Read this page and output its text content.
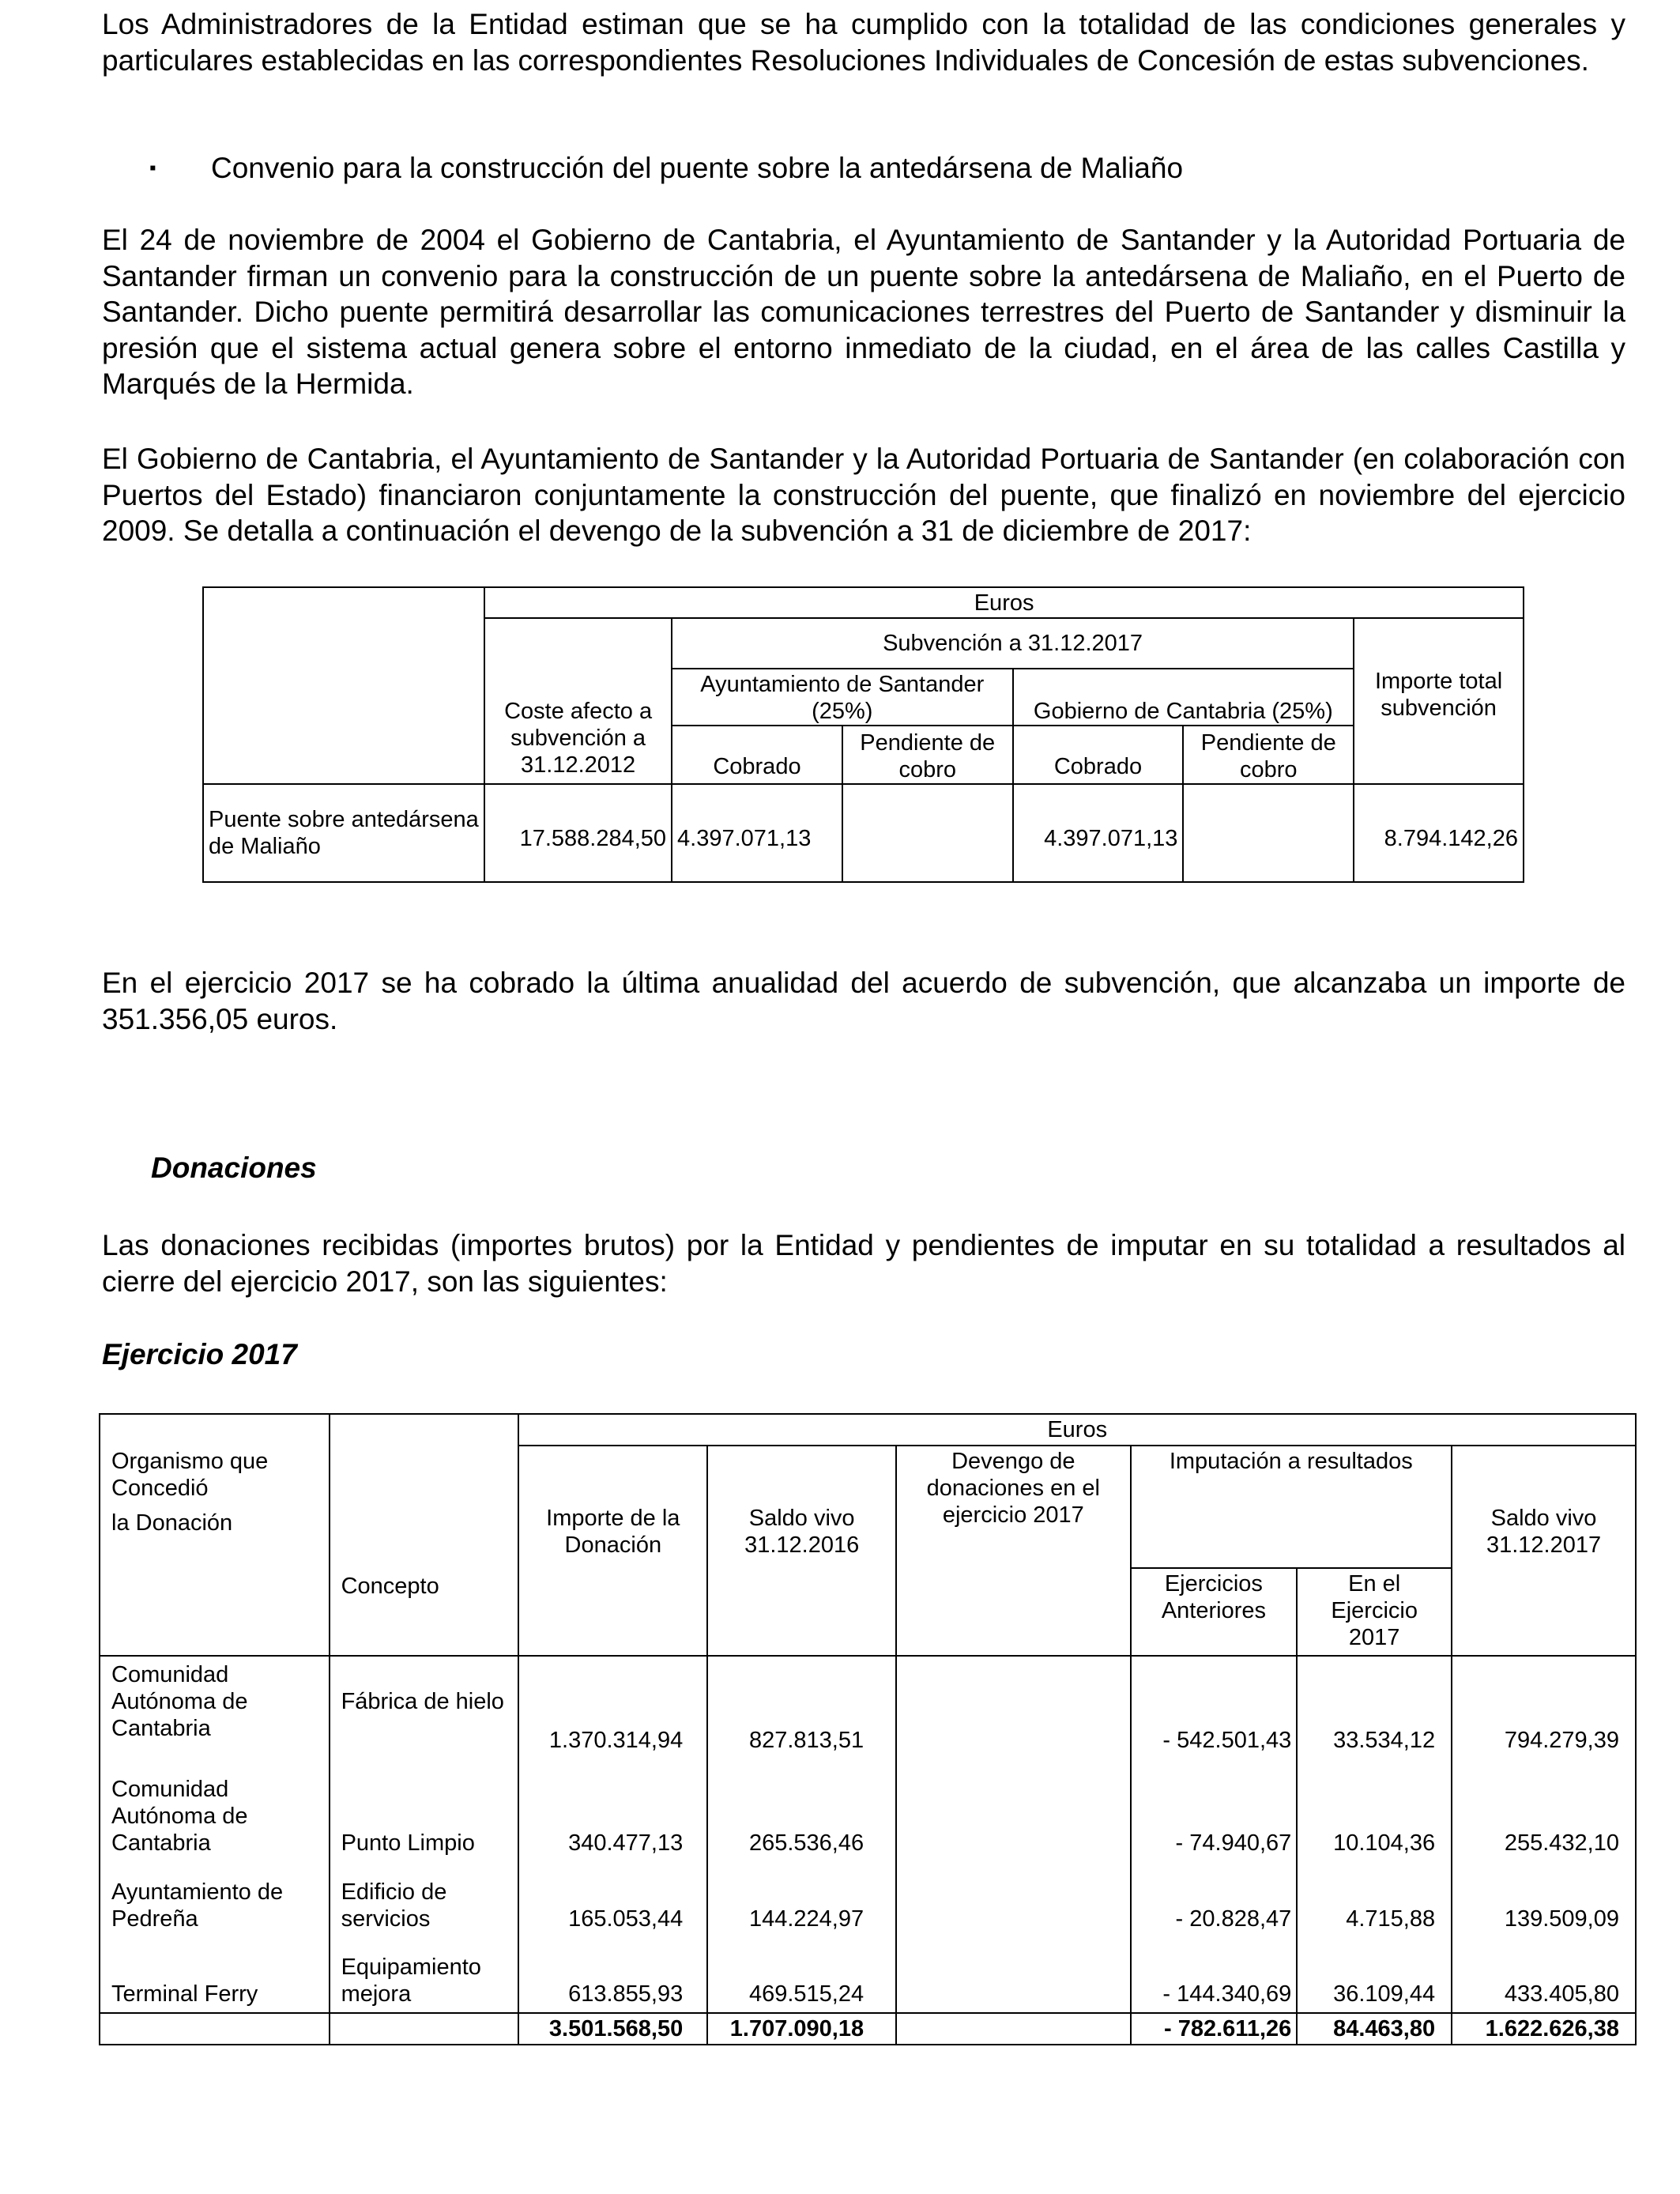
Los Administradores de la Entidad estiman que se ha cumplido con la totalidad de las condiciones generales y particulares establecidas en las correspondientes Resoluciones Individuales de Concesión de estas subvenciones.

▪ Convenio para la construcción del puente sobre la antedársena de Maliaño

El 24 de noviembre de 2004 el Gobierno de Cantabria, el Ayuntamiento de Santander y la Autoridad Portuaria de Santander firman un convenio para la construcción de un puente sobre la antedársena de Maliaño, en el Puerto de Santander. Dicho puente permitirá desarrollar las comunicaciones terrestres del Puerto de Santander y disminuir la presión que el sistema actual genera sobre el entorno inmediato de la ciudad, en el área de las calles Castilla y Marqués de la Hermida.

El Gobierno de Cantabria, el Ayuntamiento de Santander y la Autoridad Portuaria de Santander (en colaboración con Puertos del Estado) financiaron conjuntamente la construcción del puente, que finalizó en noviembre del ejercicio 2009. Se detalla a continuación el devengo de la subvención a 31 de diciembre de 2017:

	Euros					
	Coste afecto a subvención a 31.12.2012	Subvención a 31.12.2017				Importe total subvención
		Ayuntamiento de Santander (25%)		Gobierno de Cantabria (25%)		
		Cobrado	Pendiente de cobro	Cobrado	Pendiente de cobro	
Puente sobre antedársena de Maliaño	17.588.284,50	4.397.071,13		4.397.071,13		8.794.142,26

En el ejercicio 2017 se ha cobrado la última anualidad del acuerdo de subvención, que alcanzaba un importe de 351.356,05 euros.

Donaciones

Las donaciones recibidas (importes brutos) por la Entidad y pendientes de imputar en su totalidad a resultados al cierre del ejercicio 2017, son las siguientes:

Ejercicio 2017
Organismo que Concedió
la Donación	Concepto	Euros					
		Importe de la Donación	Saldo vivo 31.12.2016	Devengo de donaciones en el ejercicio 2017	Imputación a resultados		Saldo vivo 31.12.2017
					Ejercicios Anteriores	En el Ejercicio 2017	
Comunidad Autónoma de Cantabria	Fábrica de hielo	1.370.314,94	827.813,51		- 542.501,43	33.534,12	794.279,39
Comunidad Autónoma de Cantabria	Punto Limpio	340.477,13	265.536,46		- 74.940,67	10.104,36	255.432,10
Ayuntamiento de Pedreña	Edificio de servicios	165.053,44	144.224,97		- 20.828,47	4.715,88	139.509,09
Terminal Ferry	Equipamiento mejora	613.855,93	469.515,24		- 144.340,69	36.109,44	433.405,80
		3.501.568,50	1.707.090,18		- 782.611,26	84.463,80	1.622.626,38
